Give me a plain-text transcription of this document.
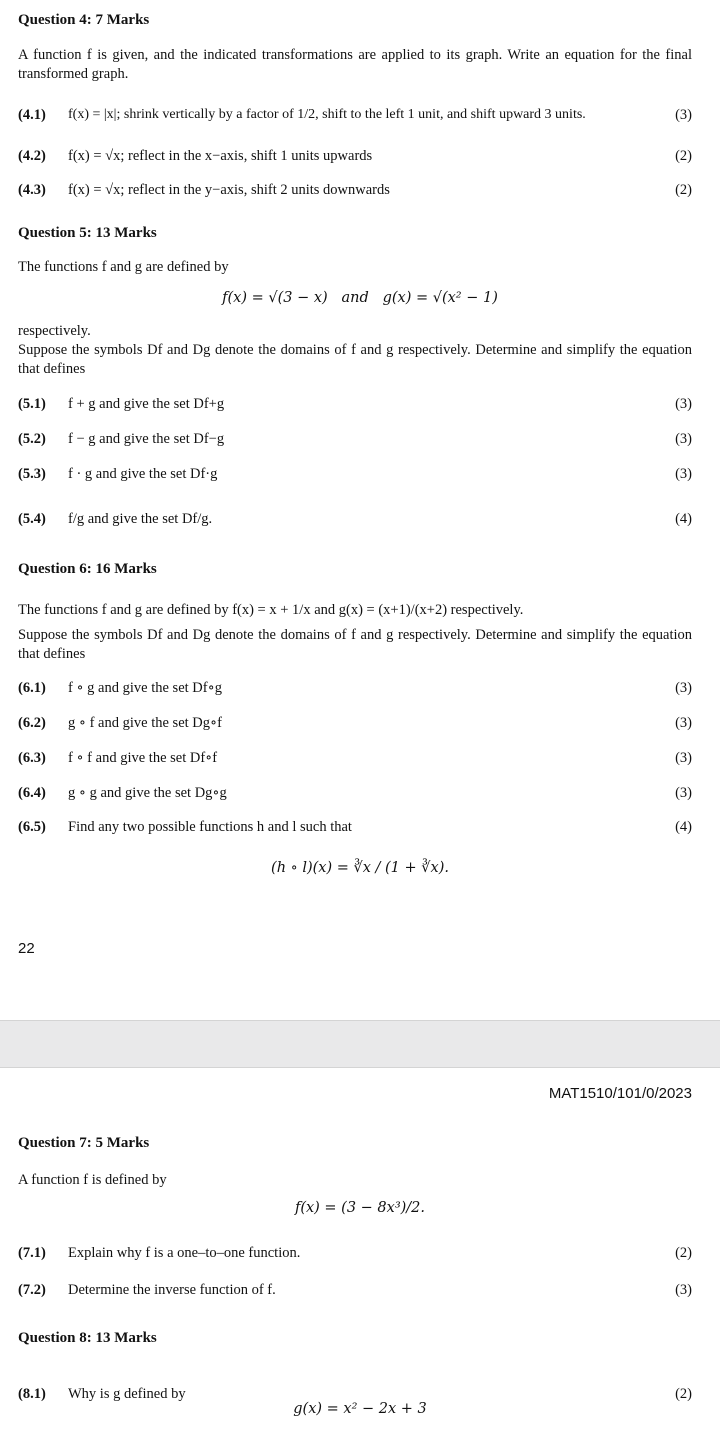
Question 4: 7 Marks
A function f is given, and the indicated transformations are applied to its graph. Write an equation for the final transformed graph.
(4.1) f(x) = |x|; shrink vertically by a factor of 1/2, shift to the left 1 unit, and shift upward 3 units.	(3)
(4.2) f(x) = √x; reflect in the x−axis, shift 1 units upwards	(2)
(4.3) f(x) = √x; reflect in the y−axis, shift 2 units downwards	(2)
Question 5: 13 Marks
The functions f and g are defined by
f(x) = √(3 − x)   and   g(x) = √(x² − 1)
respectively.
Suppose the symbols Df and Dg denote the domains of f and g respectively. Determine and simplify the equation that defines
(5.1) f + g and give the set Df+g	(3)
(5.2) f − g and give the set Df−g	(3)
(5.3) f · g and give the set Df·g	(3)
(5.4) f/g and give the set Df/g.	(4)
Question 6: 16 Marks
The functions f and g are defined by f(x) = x + 1/x and g(x) = (x+1)/(x+2) respectively.
Suppose the symbols Df and Dg denote the domains of f and g respectively. Determine and simplify the equation that defines
(6.1) f ∘ g and give the set Df∘g	(3)
(6.2) g ∘ f and give the set Dg∘f	(3)
(6.3) f ∘ f and give the set Df∘f	(3)
(6.4) g ∘ g and give the set Dg∘g	(3)
(6.5) Find any two possible functions h and l such that	(4)
(h ∘ l)(x) = ∛x / (1 + ∛x).
22
MAT1510/101/0/2023
Question 7: 5 Marks
A function f is defined by
f(x) = (3 − 8x³)/2.
(7.1) Explain why f is a one–to–one function.	(2)
(7.2) Determine the inverse function of f.	(3)
Question 8: 13 Marks
(8.1) Why is g defined by	(2)
g(x) = x² − 2x + 3
